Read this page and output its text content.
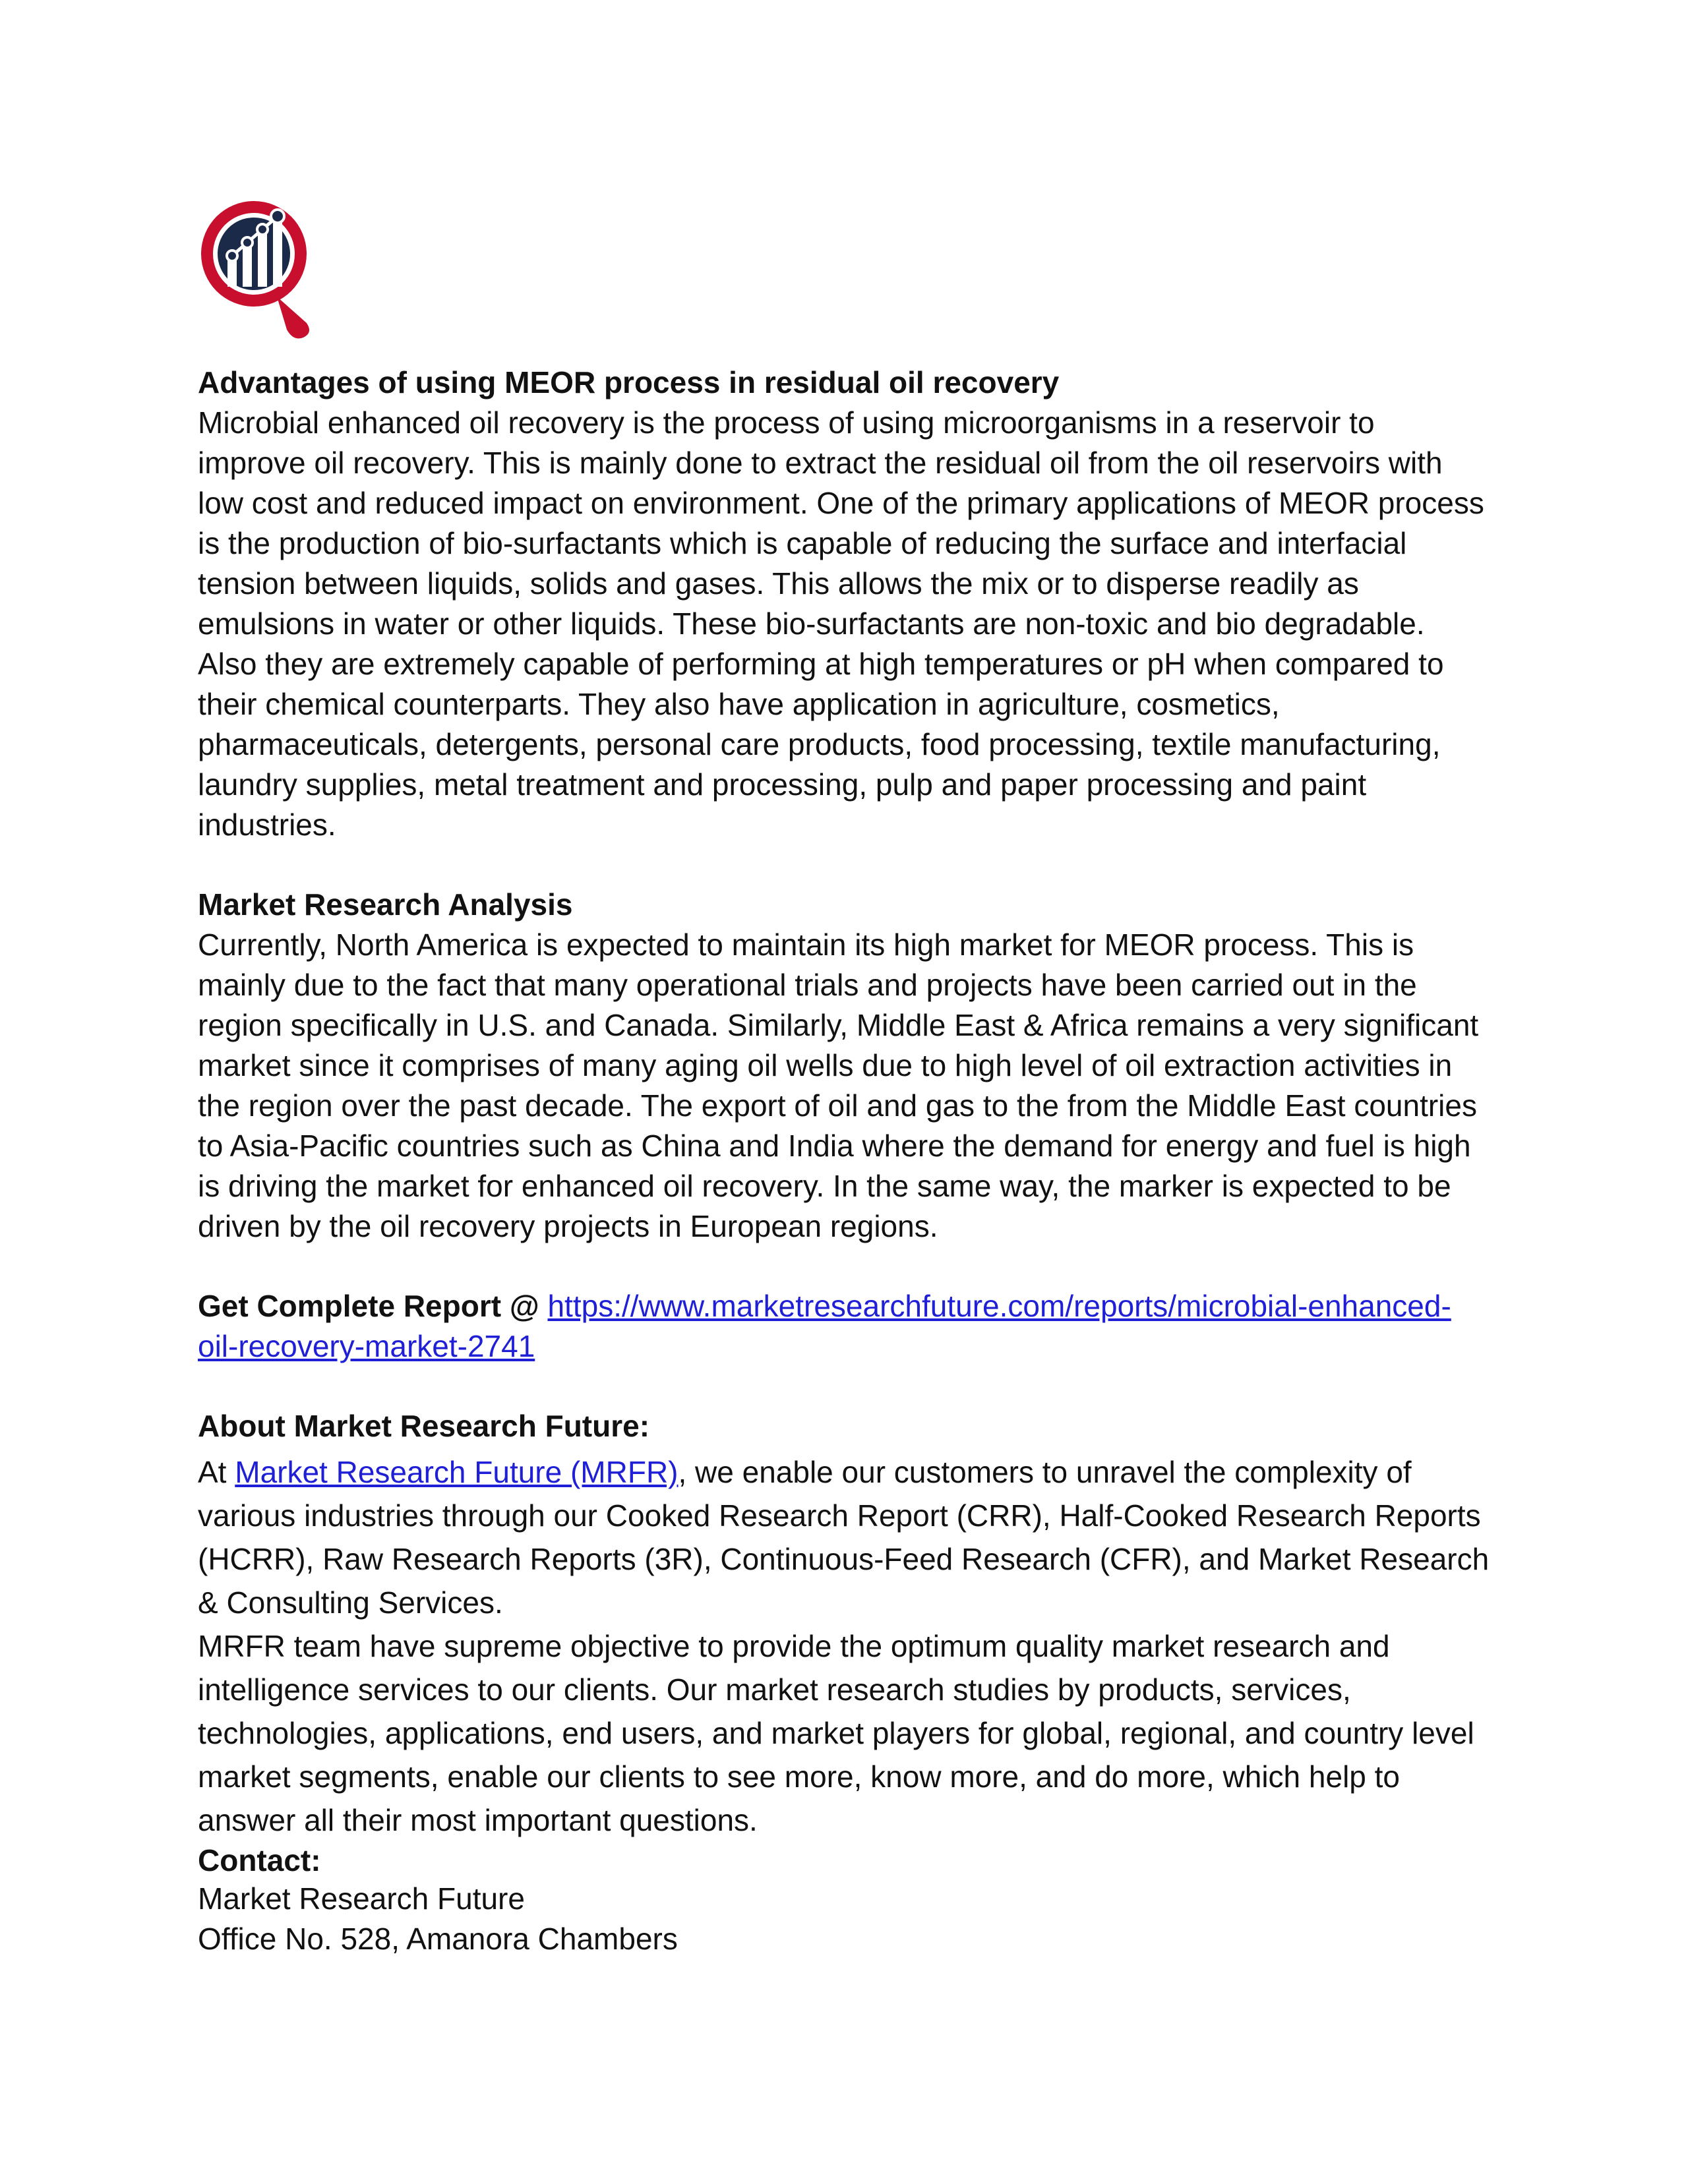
Advantages of using MEOR process in residual oil recovery
Microbial enhanced oil recovery is the process of using microorganisms in a reservoir to improve oil recovery. This is mainly done to extract the residual oil from the oil reservoirs with low cost and reduced impact on environment. One of the primary applications of MEOR process is the production of bio-surfactants which is capable of reducing the surface and interfacial tension between liquids, solids and gases. This allows the mix or to disperse readily as emulsions in water or other liquids. These bio-surfactants are non-toxic and bio degradable. Also they are extremely capable of performing at high temperatures or pH when compared to their chemical counterparts. They also have application in agriculture, cosmetics, pharmaceuticals, detergents, personal care products, food processing, textile manufacturing, laundry supplies, metal treatment and processing, pulp and paper processing and paint industries.
Market Research Analysis
Currently, North America is expected to maintain its high market for MEOR process. This is mainly due to the fact that many operational trials and projects have been carried out in the region specifically in U.S. and Canada. Similarly, Middle East & Africa remains a very significant market since it comprises of many aging oil wells due to high level of oil extraction activities in the region over the past decade. The export of oil and gas to the from the Middle East countries to Asia-Pacific countries such as China and India where the demand for energy and fuel is high is driving the market for enhanced oil recovery. In the same way, the marker is expected to be driven by the oil recovery projects in European regions.
Get Complete Report @ https://www.marketresearchfuture.com/reports/microbial-enhanced-oil-recovery-market-2741
About Market Research Future:
At Market Research Future (MRFR), we enable our customers to unravel the complexity of various industries through our Cooked Research Report (CRR), Half-Cooked Research Reports (HCRR), Raw Research Reports (3R), Continuous-Feed Research (CFR), and Market Research & Consulting Services.
MRFR team have supreme objective to provide the optimum quality market research and intelligence services to our clients. Our market research studies by products, services, technologies, applications, end users, and market players for global, regional, and country level market segments, enable our clients to see more, know more, and do more, which help to answer all their most important questions.
Contact:
Market Research Future
Office No. 528, Amanora Chambers
